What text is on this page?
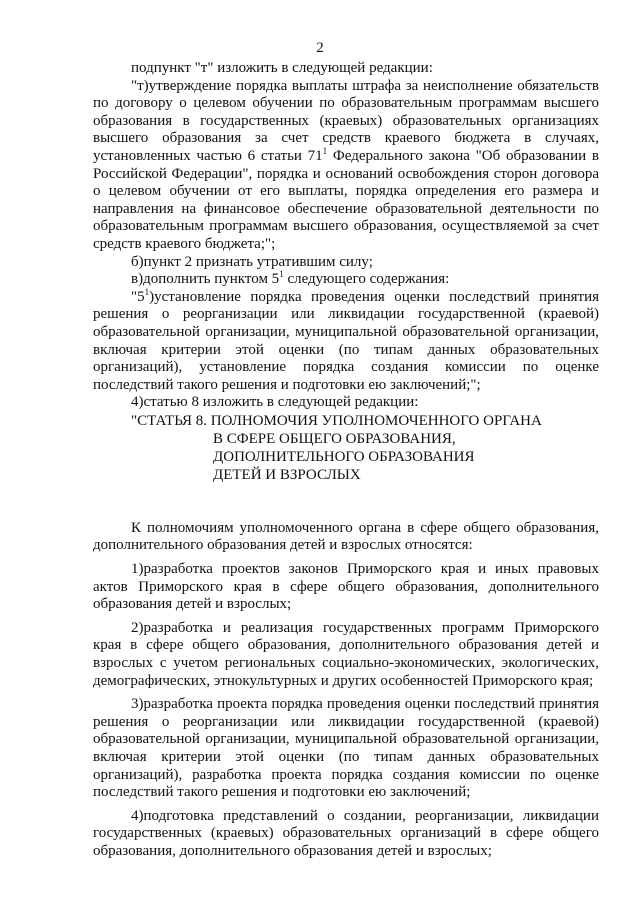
2

подпункт "т" изложить в следующей редакции:

"т)утверждение порядка выплаты штрафа за неисполнение обязательств по договору о целевом обучении по образовательным программам высшего образования в государственных (краевых) образовательных организациях высшего образования за счет средств краевого бюджета в случаях, установленных частью 6 статьи $71^1$ Федерального закона "Об образовании в Российской Федерации", порядка и оснований освобождения сторон договора о целевом обучении от его выплаты, порядка определения его размера и направления на финансовое обеспечение образовательной деятельности по образовательным программам высшего образования, осуществляемой за счет средств краевого бюджета;";

б)пункт 2 признать утратившим силу;

в)дополнить пунктом $5^1$ следующего содержания:

"$5^1)установление$ порядка проведения оценки последствий принятия решения о реорганизации или ликвидации государственной (краевой) образовательной организации, муниципальной образовательной организации, включая критерии этой оценки (по типам данных образовательных организаций), установление порядка создания комиссии по оценке последствий такого решения и подготовки ею заключений;";

4)статью 8 изложить в следующей редакции:

"СТАТЬЯ 8. ПОЛНОМОЧИЯ УПОЛНОМОЧЕННОГО ОРГАНА
В СФЕРЕ ОБЩЕГО ОБРАЗОВАНИЯ,
ДОПОЛНИТЕЛЬНОГО ОБРАЗОВАНИЯ
ДЕТЕЙ И ВЗРОСЛЫХ

К полномочиям уполномоченного органа в сфере общего образования, дополнительного образования детей и взрослых относятся:

1)разработка проектов законов Приморского края и иных правовых актов Приморского края в сфере общего образования, дополнительного образования детей и взрослых;

2)разработка и реализация государственных программ Приморского края в сфере общего образования, дополнительного образования детей и взрослых с учетом региональных социально-экономических, экологических, демографических, этнокультурных и других особенностей Приморского края;

3)разработка проекта порядка проведения оценки последствий принятия решения о реорганизации или ликвидации государственной (краевой) образовательной организации, муниципальной образовательной организации, включая критерии этой оценки (по типам данных образовательных организаций), разработка проекта порядка создания комиссии по оценке последствий такого решения и подготовки ею заключений;

4)подготовка представлений о создании, реорганизации, ликвидации государственных (краевых) образовательных организаций в сфере общего образования, дополнительного образования детей и взрослых;
